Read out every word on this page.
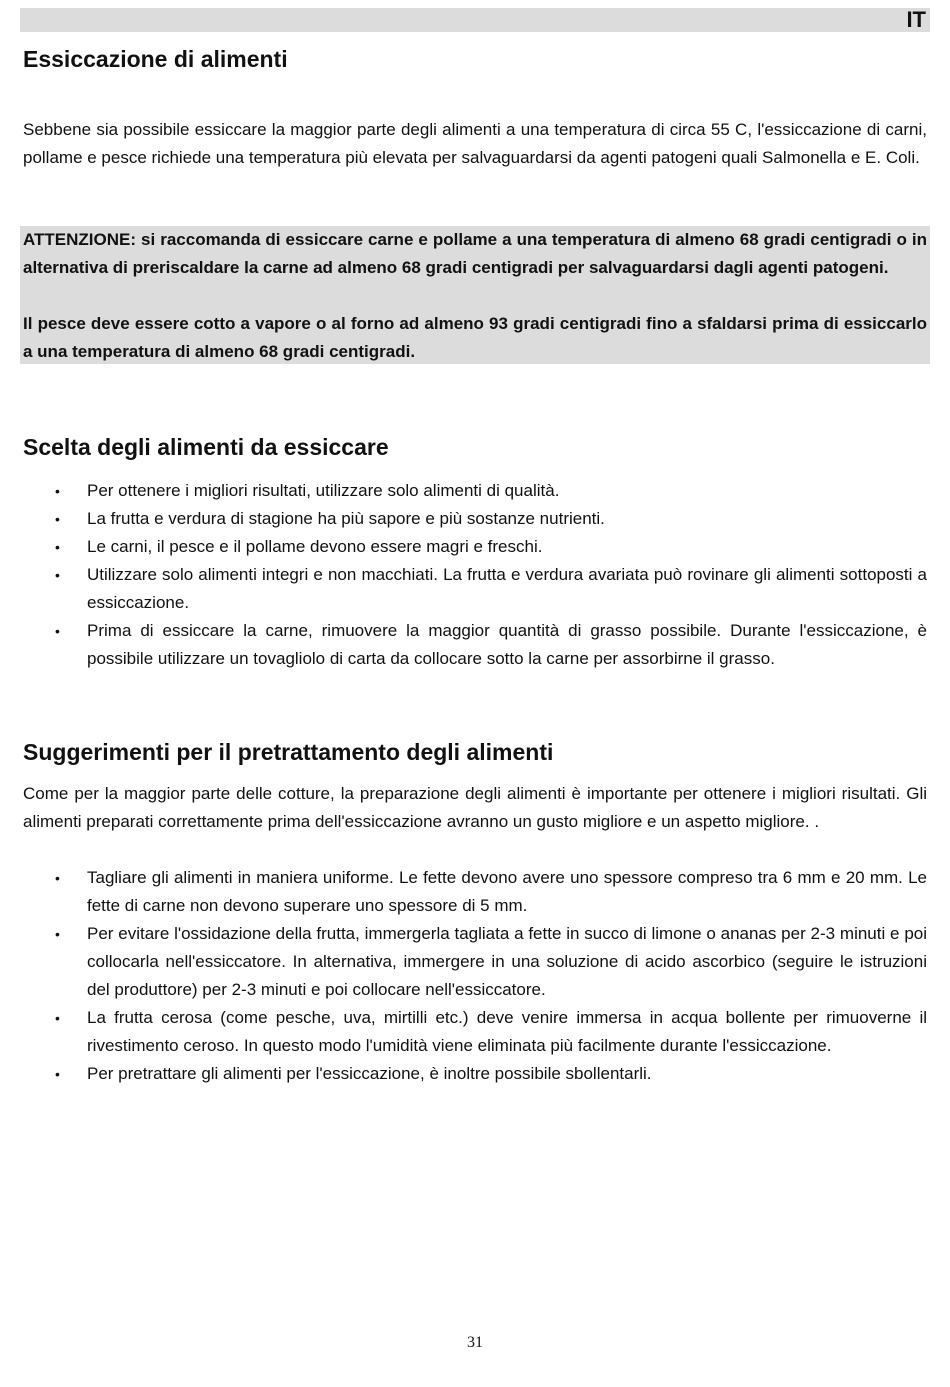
IT
Essiccazione di alimenti

Sebbene sia possibile essiccare la maggior parte degli alimenti a una temperatura di circa 55 C, l'essiccazione di carni, pollame e pesce richiede una temperatura più elevata per salvaguardarsi da agenti patogeni quali Salmonella e E. Coli.

ATTENZIONE: si raccomanda di essiccare carne e pollame a una temperatura di almeno 68 gradi centigradi o in alternativa di preriscaldare la carne ad almeno 68 gradi centigradi per salvaguardarsi dagli agenti patogeni.

Il pesce deve essere cotto a vapore o al forno ad almeno 93 gradi centigradi fino a sfaldarsi prima di essiccarlo a una temperatura di almeno 68 gradi centigradi.

Scelta degli alimenti da essiccare
• Per ottenere i migliori risultati, utilizzare solo alimenti di qualità.
• La frutta e verdura di stagione ha più sapore e più sostanze nutrienti.
• Le carni, il pesce e il pollame devono essere magri e freschi.
• Utilizzare solo alimenti integri e non macchiati. La frutta e verdura avariata può rovinare gli alimenti sottoposti a essiccazione.
• Prima di essiccare la carne, rimuovere la maggior quantità di grasso possibile. Durante l'essiccazione, è possibile utilizzare un tovagliolo di carta da collocare sotto la carne per assorbirne il grasso.
Suggerimenti per il pretrattamento degli alimenti

Come per la maggior parte delle cotture, la preparazione degli alimenti è importante per ottenere i migliori risultati. Gli alimenti preparati correttamente prima dell'essiccazione avranno un gusto migliore e un aspetto migliore. .

• Tagliare gli alimenti in maniera uniforme. Le fette devono avere uno spessore compreso tra 6 mm e 20 mm. Le fette di carne non devono superare uno spessore di 5 mm.
• Per evitare l'ossidazione della frutta, immergerla tagliata a fette in succo di limone o ananas per 2-3 minuti e poi collocarla nell'essiccatore. In alternativa, immergere in una soluzione di acido ascorbico (seguire le istruzioni del produttore) per 2-3 minuti e poi collocare nell'essiccatore.
• La frutta cerosa (come pesche, uva, mirtilli etc.) deve venire immersa in acqua bollente per rimuoverne il rivestimento ceroso. In questo modo l'umidità viene eliminata più facilmente durante l'essiccazione.
• Per pretrattare gli alimenti per l'essiccazione, è inoltre possibile sbollentarli.
31
